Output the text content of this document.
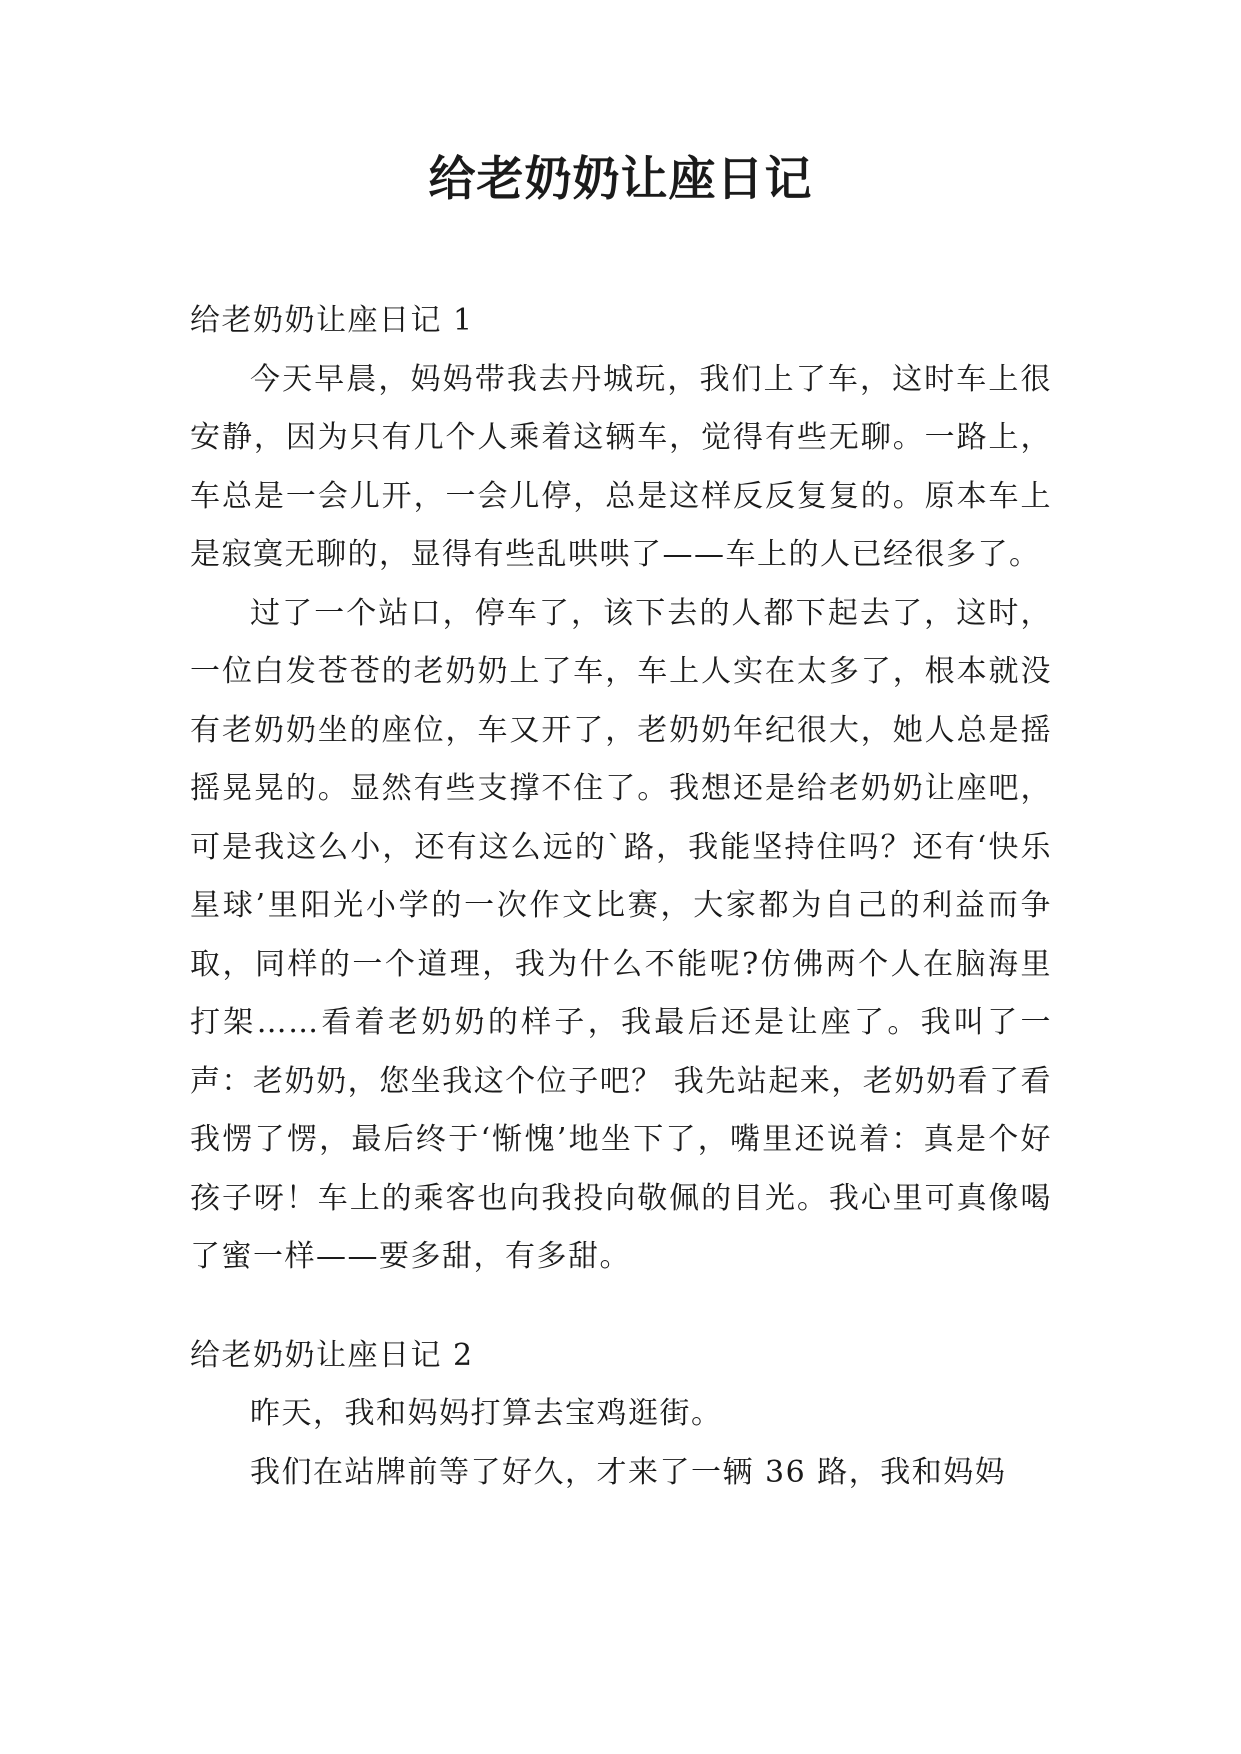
给老奶奶让座日记
给老奶奶让座日记 1

今天早晨，妈妈带我去丹城玩，我们上了车，这时车上很安静，因为只有几个人乘着这辆车，觉得有些无聊。一路上，车总是一会儿开，一会儿停，总是这样反反复复的。原本车上是寂寞无聊的，显得有些乱哄哄了——车上的人已经很多了。

过了一个站口，停车了，该下去的人都下起去了，这时，一位白发苍苍的老奶奶上了车，车上人实在太多了，根本就没有老奶奶坐的座位，车又开了，老奶奶年纪很大，她人总是摇摇晃晃的。显然有些支撑不住了。我想还是给老奶奶让座吧，可是我这么小，还有这么远的`路，我能坚持住吗？还有‘快乐星球’里阳光小学的一次作文比赛，大家都为自己的利益而争取，同样的一个道理，我为什么不能呢?仿佛两个人在脑海里打架……看着老奶奶的样子，我最后还是让座了。我叫了一声：老奶奶，您坐我这个位子吧？ 我先站起来，老奶奶看了看我愣了愣，最后终于‘惭愧’地坐下了，嘴里还说着：真是个好孩子呀！车上的乘客也向我投向敬佩的目光。我心里可真像喝了蜜一样——要多甜，有多甜。

给老奶奶让座日记 2

昨天，我和妈妈打算去宝鸡逛街。

我们在站牌前等了好久，才来了一辆 36 路，我和妈妈
